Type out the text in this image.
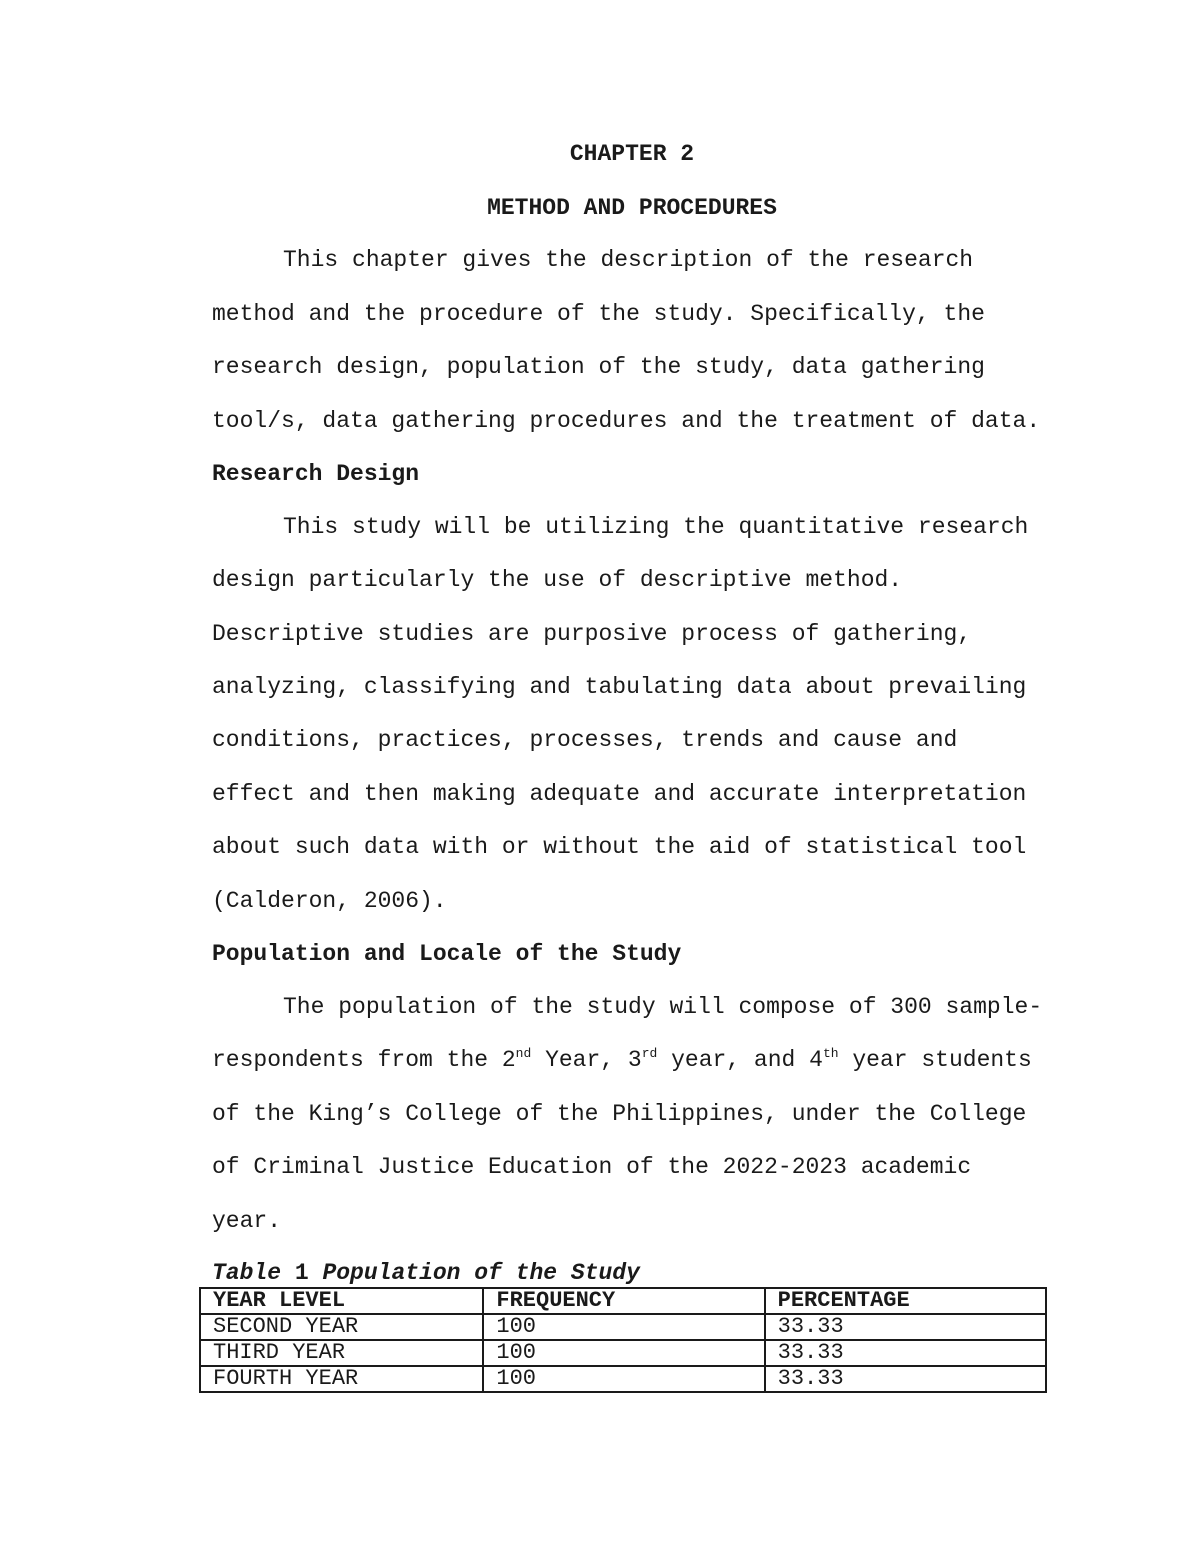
CHAPTER 2

METHOD AND PROCEDURES

This chapter gives the description of the research

method and the procedure of the study. Specifically, the

research design, population of the study, data gathering

tool/s, data gathering procedures and the treatment of data.

Research Design

This study will be utilizing the quantitative research

design particularly the use of descriptive method.

Descriptive studies are purposive process of gathering,

analyzing, classifying and tabulating data about prevailing

conditions, practices, processes, trends and cause and

effect and then making adequate and accurate interpretation

about such data with or without the aid of statistical tool

(Calderon, 2006).

Population and Locale of the Study

The population of the study will compose of 300 sample-

respondents from the 2nd Year, 3rd year, and 4th year students

of the King’s College of the Philippines, under the College

of Criminal Justice Education of the 2022-2023 academic

year.

Table 1 Population of the Study

YEAR LEVEL	FREQUENCY	PERCENTAGE
SECOND YEAR	100	33.33
THIRD YEAR	100	33.33
FOURTH YEAR	100	33.33
